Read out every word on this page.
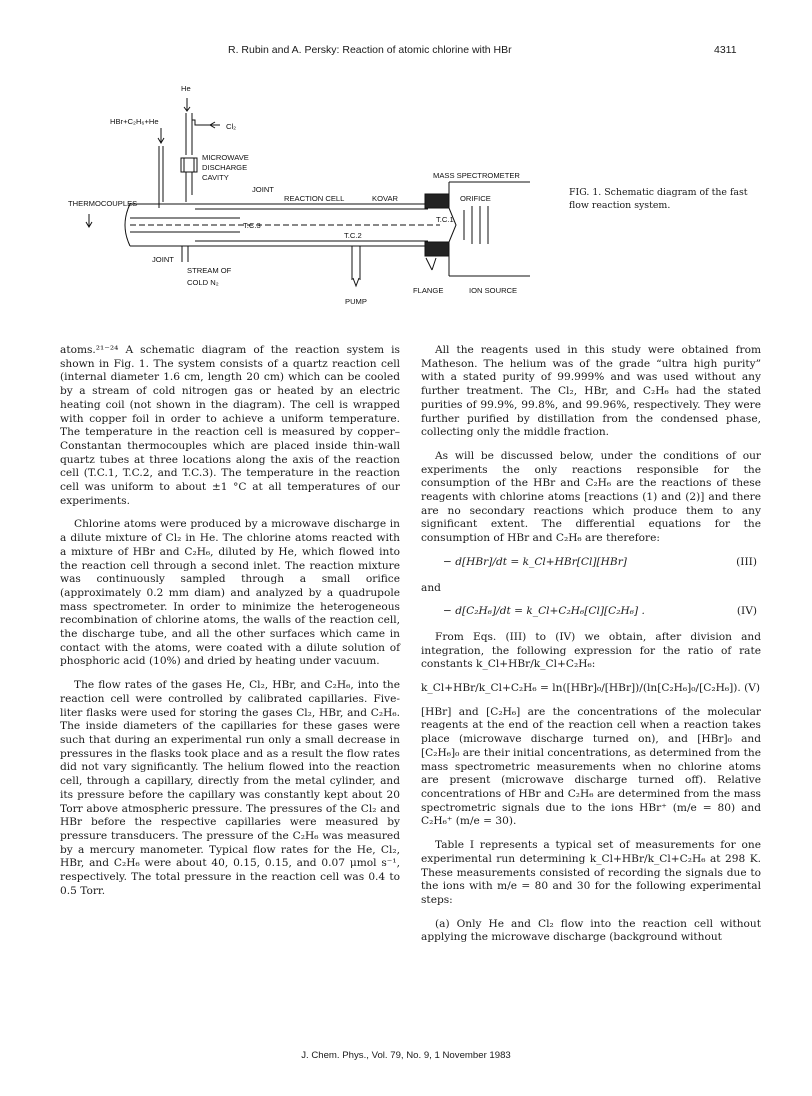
R. Rubin and A. Persky: Reaction of atomic chlorine with HBr	4311
He
HBr+C₂H₆+He
Cl₂
MICROWAVE
DISCHARGE
CAVITY
JOINT
REACTION CELL	KOVAR
MASS SPECTROMETER
ORIFICE
THERMOCOUPLES
T.C.3
T.C.2
T.C.1
JOINT
STREAM OF
COLD N₂
FLANGE	ION SOURCE
PUMP
FIG. 1. Schematic diagram of the fast flow reaction system.

atoms.²¹⁻²⁴ A schematic diagram of the reaction system is shown in Fig. 1. The system consists of a quartz reaction cell (internal diameter 1.6 cm, length 20 cm) which can be cooled by a stream of cold nitrogen gas or heated by an electric heating coil (not shown in the diagram). The cell is wrapped with copper foil in order to achieve a uniform temperature. The temperature in the reaction cell is measured by copper–Constantan thermocouples which are placed inside thin-wall quartz tubes at three locations along the axis of the reaction cell (T.C.1, T.C.2, and T.C.3). The temperature in the reaction cell was uniform to about ±1 °C at all temperatures of our experiments.

Chlorine atoms were produced by a microwave discharge in a dilute mixture of Cl₂ in He. The chlorine atoms reacted with a mixture of HBr and C₂H₆, diluted by He, which flowed into the reaction cell through a second inlet. The reaction mixture was continuously sampled through a small orifice (approximately 0.2 mm diam) and analyzed by a quadrupole mass spectrometer. In order to minimize the heterogeneous recombination of chlorine atoms, the walls of the reaction cell, the discharge tube, and all the other surfaces which came in contact with the atoms, were coated with a dilute solution of phosphoric acid (10%) and dried by heating under vacuum.

The flow rates of the gases He, Cl₂, HBr, and C₂H₆, into the reaction cell were controlled by calibrated capillaries. Five-liter flasks were used for storing the gases Cl₂, HBr, and C₂H₆. The inside diameters of the capillaries for these gases were such that during an experimental run only a small decrease in pressures in the flasks took place and as a result the flow rates did not vary significantly. The helium flowed into the reaction cell, through a capillary, directly from the metal cylinder, and its pressure before the capillary was constantly kept about 20 Torr above atmospheric pressure. The pressures of the Cl₂ and HBr before the respective capillaries were measured by pressure transducers. The pressure of the C₂H₆ was measured by a mercury manometer. Typical flow rates for the He, Cl₂, HBr, and C₂H₆ were about 40, 0.15, 0.15, and 0.07 μmol s⁻¹, respectively. The total pressure in the reaction cell was 0.4 to 0.5 Torr.

All the reagents used in this study were obtained from Matheson. The helium was of the grade “ultra high purity” with a stated purity of 99.999% and was used without any further treatment. The Cl₂, HBr, and C₂H₆ had the stated purities of 99.9%, 99.8%, and 99.96%, respectively. They were further purified by distillation from the condensed phase, collecting only the middle fraction.

As will be discussed below, under the conditions of our experiments the only reactions responsible for the consumption of the HBr and C₂H₆ are the reactions of these reagents with chlorine atoms [reactions (1) and (2)] and there are no secondary reactions which produce them to any significant extent. The differential equations for the consumption of HBr and C₂H₆ are therefore:

− d[HBr]/dt = k_Cl+HBr[Cl][HBr]	(III)

and

− d[C₂H₆]/dt = k_Cl+C₂H₆[Cl][C₂H₆] .	(IV)

From Eqs. (III) to (IV) we obtain, after division and integration, the following expression for the ratio of rate constants k_Cl+HBr/k_Cl+C₂H₆:

k_Cl+HBr/k_Cl+C₂H₆ = ln([HBr]₀/[HBr])/(ln[C₂H₆]₀/[C₂H₆]). (V)

[HBr] and [C₂H₆] are the concentrations of the molecular reagents at the end of the reaction cell when a reaction takes place (microwave discharge turned on), and [HBr]₀ and [C₂H₆]₀ are their initial concentrations, as determined from the mass spectrometric measurements when no chlorine atoms are present (microwave discharge turned off). Relative concentrations of HBr and C₂H₆ are determined from the mass spectrometric signals due to the ions HBr⁺ (m/e = 80) and C₂H₆⁺ (m/e = 30).

Table I represents a typical set of measurements for one experimental run determining k_Cl+HBr/k_Cl+C₂H₆ at 298 K. These measurements consisted of recording the signals due to the ions with m/e = 80 and 30 for the following experimental steps:

(a) Only He and Cl₂ flow into the reaction cell without applying the microwave discharge (background without

J. Chem. Phys., Vol. 79, No. 9, 1 November 1983
